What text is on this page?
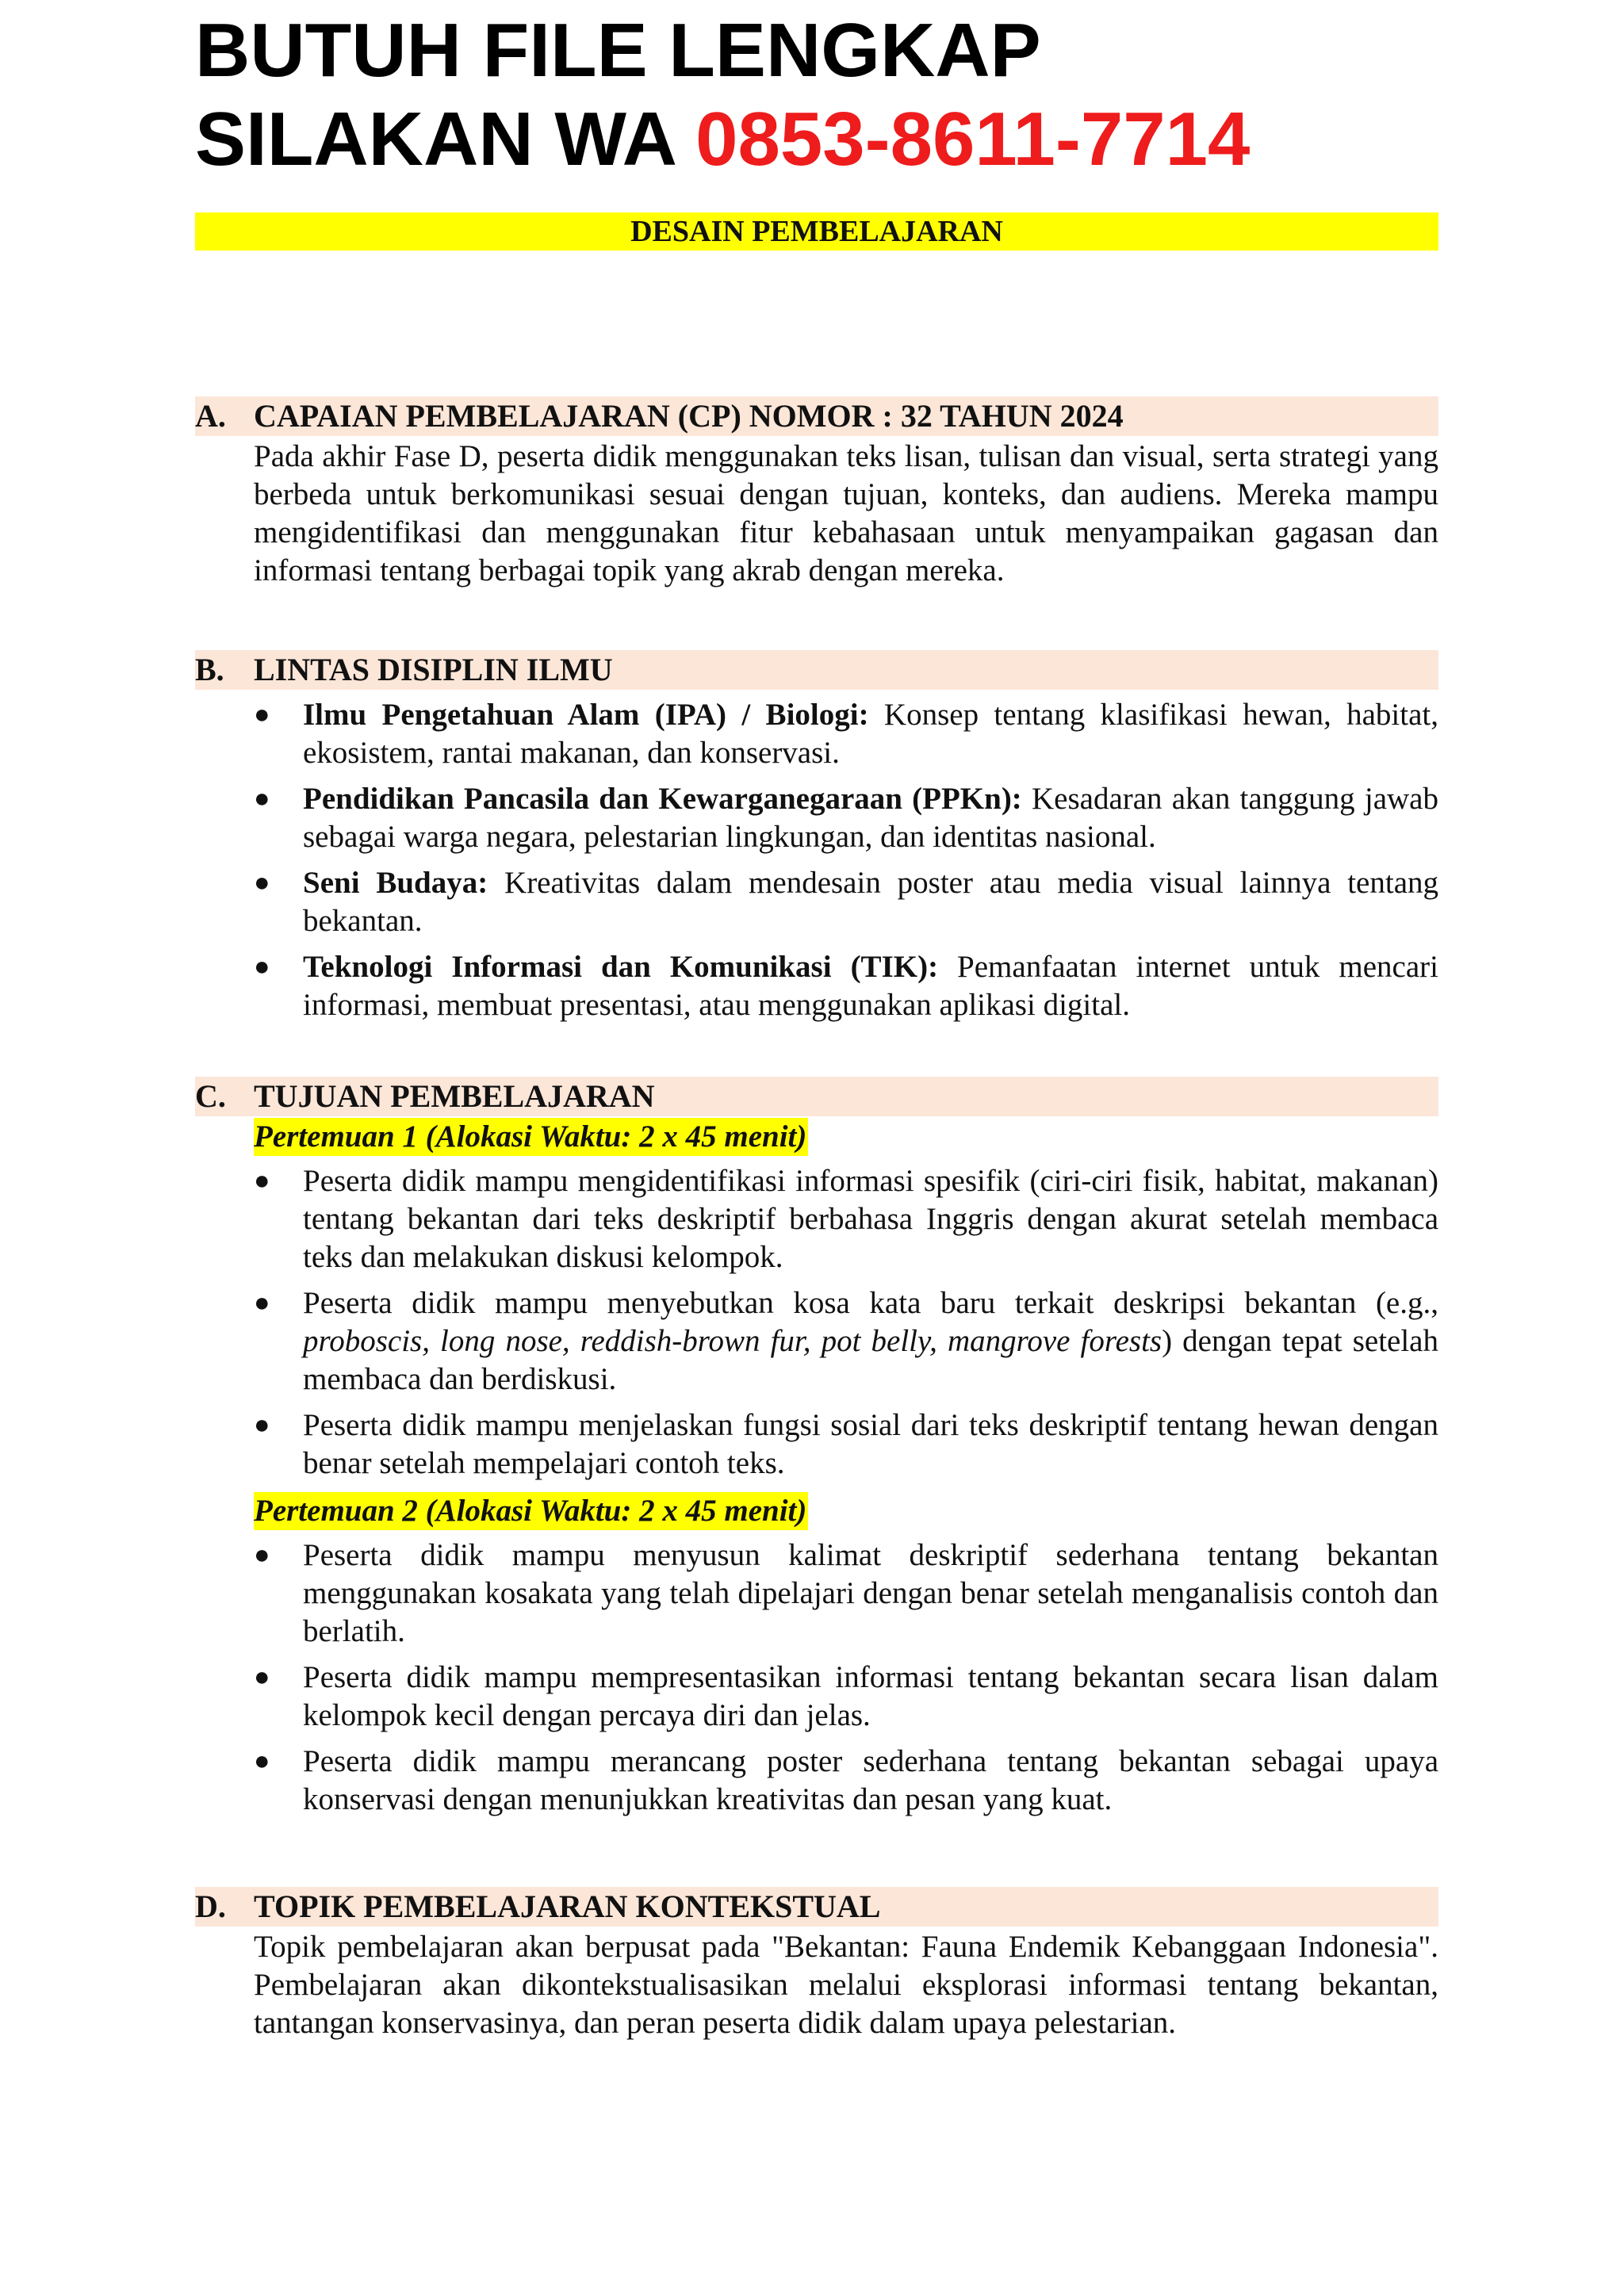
BUTUH FILE LENGKAP
SILAKAN WA 0853-8611-7714
DESAIN PEMBELAJARAN
A. CAPAIAN PEMBELAJARAN (CP) NOMOR : 32 TAHUN 2024
Pada akhir Fase D, peserta didik menggunakan teks lisan, tulisan dan visual, serta strategi yang berbeda untuk berkomunikasi sesuai dengan tujuan, konteks, dan audiens. Mereka mampu mengidentifikasi dan menggunakan fitur kebahasaan untuk menyampaikan gagasan dan informasi tentang berbagai topik yang akrab dengan mereka.
B. LINTAS DISIPLIN ILMU
● Ilmu Pengetahuan Alam (IPA) / Biologi: Konsep tentang klasifikasi hewan, habitat, ekosistem, rantai makanan, dan konservasi.
● Pendidikan Pancasila dan Kewarganegaraan (PPKn): Kesadaran akan tanggung jawab sebagai warga negara, pelestarian lingkungan, dan identitas nasional.
● Seni Budaya: Kreativitas dalam mendesain poster atau media visual lainnya tentang bekantan.
● Teknologi Informasi dan Komunikasi (TIK): Pemanfaatan internet untuk mencari informasi, membuat presentasi, atau menggunakan aplikasi digital.
C. TUJUAN PEMBELAJARAN
Pertemuan 1 (Alokasi Waktu: 2 x 45 menit)
● Peserta didik mampu mengidentifikasi informasi spesifik (ciri-ciri fisik, habitat, makanan) tentang bekantan dari teks deskriptif berbahasa Inggris dengan akurat setelah membaca teks dan melakukan diskusi kelompok.
● Peserta didik mampu menyebutkan kosa kata baru terkait deskripsi bekantan (e.g., proboscis, long nose, reddish-brown fur, pot belly, mangrove forests) dengan tepat setelah membaca dan berdiskusi.
● Peserta didik mampu menjelaskan fungsi sosial dari teks deskriptif tentang hewan dengan benar setelah mempelajari contoh teks.
Pertemuan 2 (Alokasi Waktu: 2 x 45 menit)
● Peserta didik mampu menyusun kalimat deskriptif sederhana tentang bekantan menggunakan kosakata yang telah dipelajari dengan benar setelah menganalisis contoh dan berlatih.
● Peserta didik mampu mempresentasikan informasi tentang bekantan secara lisan dalam kelompok kecil dengan percaya diri dan jelas.
● Peserta didik mampu merancang poster sederhana tentang bekantan sebagai upaya konservasi dengan menunjukkan kreativitas dan pesan yang kuat.
D. TOPIK PEMBELAJARAN KONTEKSTUAL
Topik pembelajaran akan berpusat pada "Bekantan: Fauna Endemik Kebanggaan Indonesia". Pembelajaran akan dikontekstualisasikan melalui eksplorasi informasi tentang bekantan, tantangan konservasinya, dan peran peserta didik dalam upaya pelestarian.
